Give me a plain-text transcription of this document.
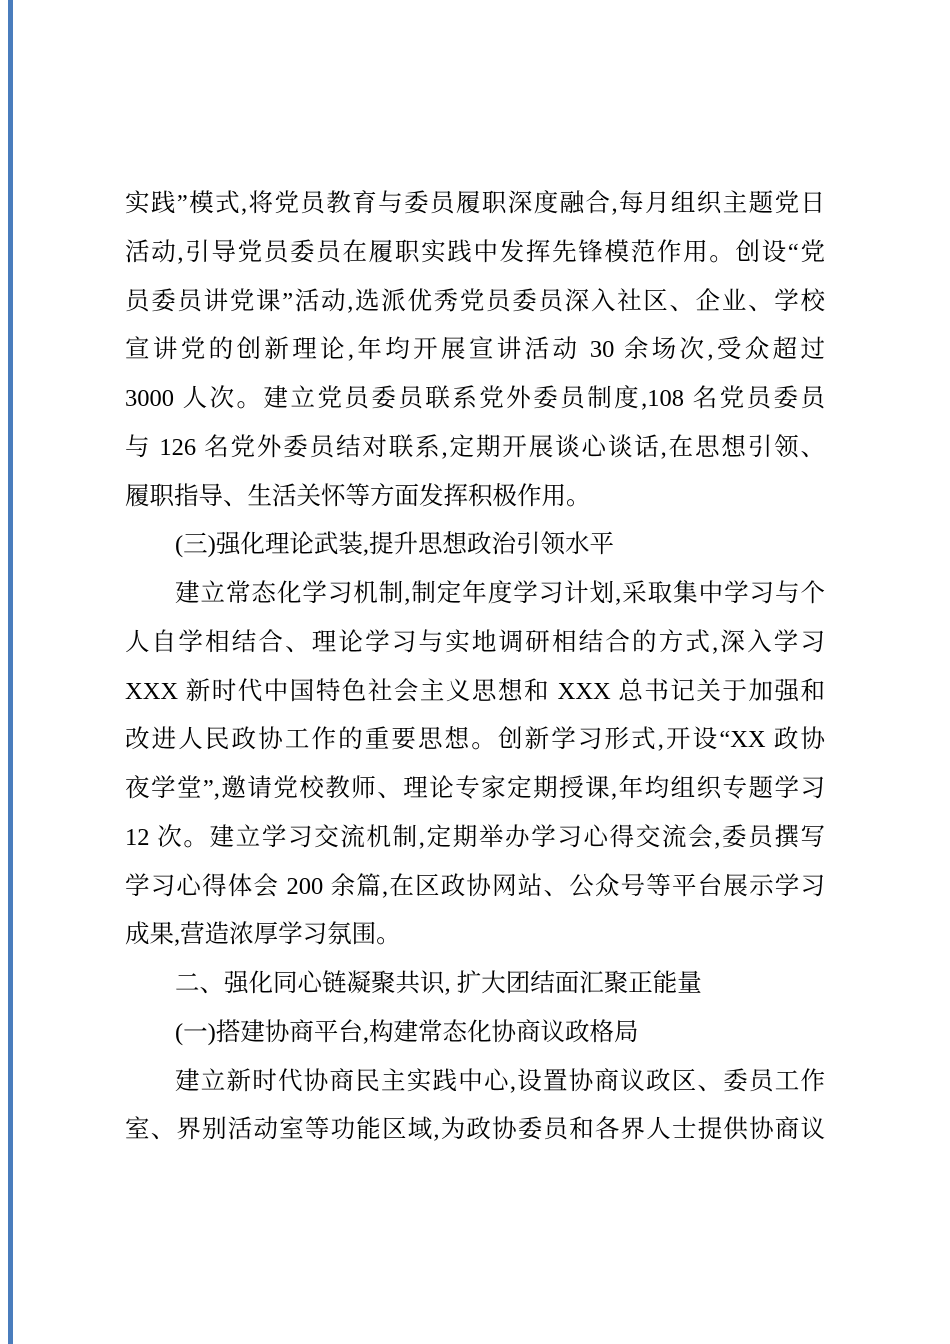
实践”模式,将党员教育与委员履职深度融合,每月组织主题党日
活动,引导党员委员在履职实践中发挥先锋模范作用。创设“党
员委员讲党课”活动,选派优秀党员委员深入社区、企业、学校
宣讲党的创新理论,年均开展宣讲活动 30 余场次,受众超过
3000 人次。建立党员委员联系党外委员制度,108 名党员委员
与 126 名党外委员结对联系,定期开展谈心谈话,在思想引领、
履职指导、生活关怀等方面发挥积极作用。
(三)强化理论武装,提升思想政治引领水平
建立常态化学习机制,制定年度学习计划,采取集中学习与个
人自学相结合、理论学习与实地调研相结合的方式,深入学习
XXX 新时代中国特色社会主义思想和 XXX 总书记关于加强和
改进人民政协工作的重要思想。创新学习形式,开设“XX 政协
夜学堂”,邀请党校教师、理论专家定期授课,年均组织专题学习
12 次。建立学习交流机制,定期举办学习心得交流会,委员撰写
学习心得体会 200 余篇,在区政协网站、公众号等平台展示学习
成果,营造浓厚学习氛围。
二、强化同心链凝聚共识, 扩大团结面汇聚正能量
(一)搭建协商平台,构建常态化协商议政格局
建立新时代协商民主实践中心,设置协商议政区、委员工作
室、界别活动室等功能区域,为政协委员和各界人士提供协商议
